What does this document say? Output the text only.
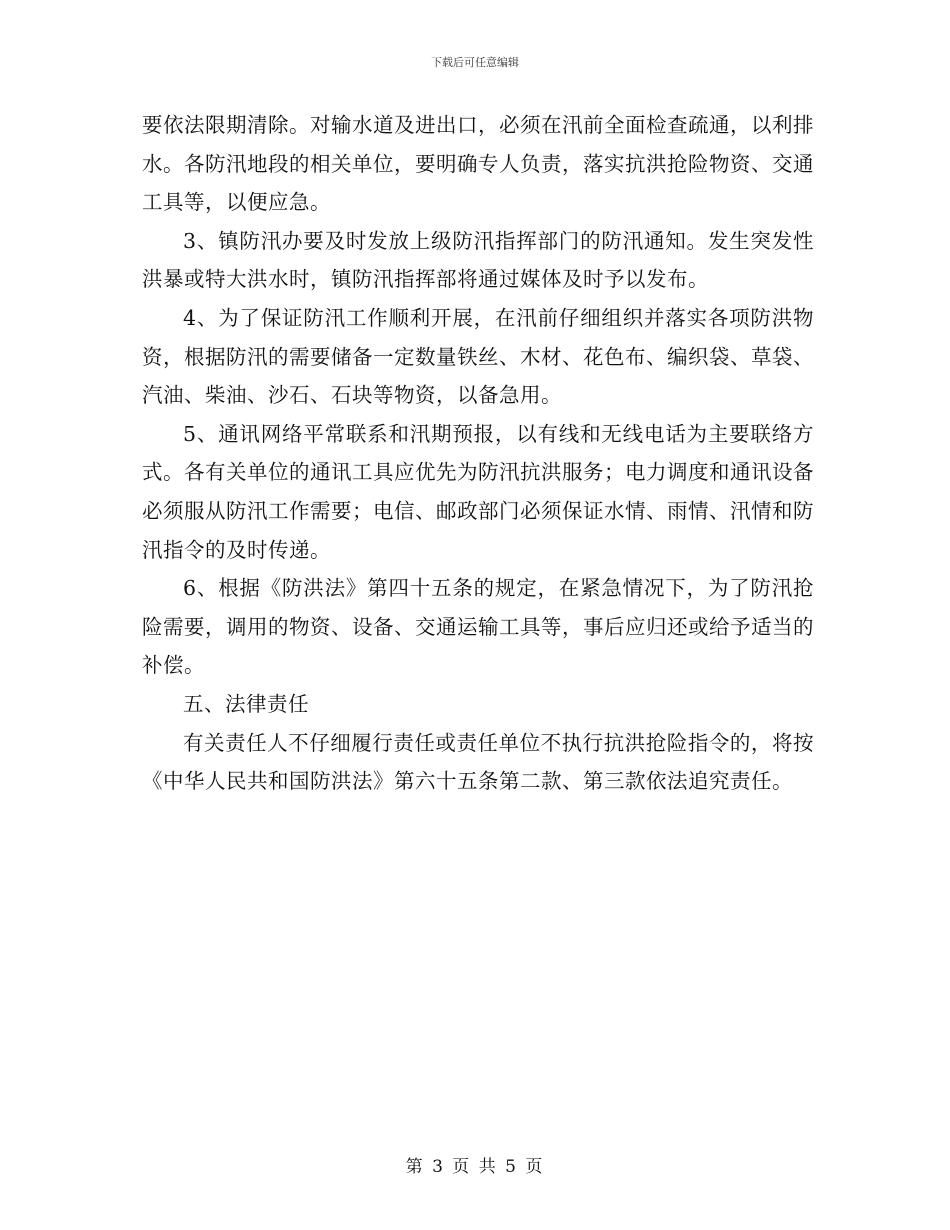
下载后可任意编辑

要依法限期清除。对输水道及进出口，必须在汛前全面检查疏通，以利排水。各防汛地段的相关单位，要明确专人负责，落实抗洪抢险物资、交通工具等，以便应急。

3、镇防汛办要及时发放上级防汛指挥部门的防汛通知。发生突发性洪暴或特大洪水时，镇防汛指挥部将通过媒体及时予以发布。

4、为了保证防汛工作顺利开展，在汛前仔细组织并落实各项防洪物资，根据防汛的需要储备一定数量铁丝、木材、花色布、编织袋、草袋、汽油、柴油、沙石、石块等物资，以备急用。

5、通讯网络平常联系和汛期预报，以有线和无线电话为主要联络方式。各有关单位的通讯工具应优先为防汛抗洪服务；电力调度和通讯设备必须服从防汛工作需要；电信、邮政部门必须保证水情、雨情、汛情和防汛指令的及时传递。

6、根据《防洪法》第四十五条的规定，在紧急情况下，为了防汛抢险需要，调用的物资、设备、交通运输工具等，事后应归还或给予适当的补偿。

五、法律责任

有关责任人不仔细履行责任或责任单位不执行抗洪抢险指令的，将按《中华人民共和国防洪法》第六十五条第二款、第三款依法追究责任。

第 3 页 共 5 页
